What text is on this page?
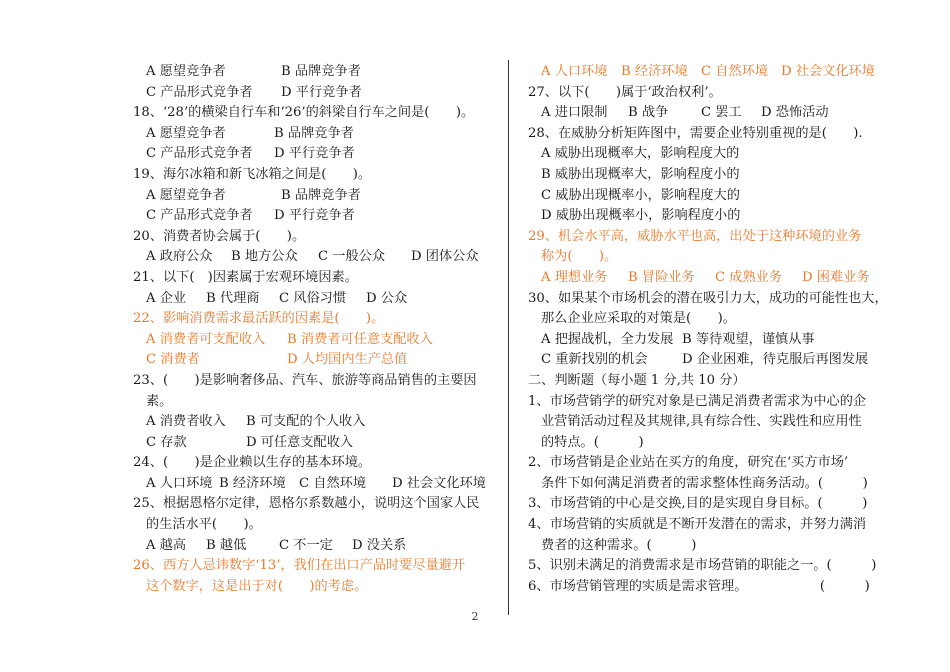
A 愿望竞争者	B 品牌竞争者
C 产品形式竞争者 D 平行竞争者
18、‘28’的横梁自行车和‘26’的斜梁自行车之间是(　　)。
A 愿望竞争者	B 品牌竞争者
C 产品形式竞争者 D 平行竞争者
19、海尔冰箱和新飞冰箱之间是(　　)。
A 愿望竞争者	B 品牌竞争者
C 产品形式竞争者 D 平行竞争者
20、消费者协会属于(　　)。
A 政府公众 B 地方公众 C 一般公众 D 团体公众
21、以下(　)因素属于宏观环境因素。
A 企业 B 代理商 C 风俗习惯 D 公众
22、影响消费需求最活跃的因素是(　　)。
A 消费者可支配收入 B 消费者可任意支配收入
C 消费者	D 人均国内生产总值
23、(　　)是影响奢侈品、汽车、旅游等商品销售的主要因
素。
A 消费者收入 B 可支配的个人收入
C 存款	D 可任意支配收入
24、(　　)是企业赖以生存的基本环境。
A 人口环境 B 经济环境 C 自然环境 D 社会文化环境
25、根据恩格尔定律，恩格尔系数越小，说明这个国家人民
的生活水平(　　)。
A 越高 B 越低 C 不一定 D 没关系
26、西方人忌讳数字‘13’，我们在出口产品时要尽量避开
这个数字，这是出于对(　　)的考虑。
A 人口环境 B 经济环境 C 自然环境 D 社会文化环境
27、以下(　　)属于‘政治权利’。
A 进口限制 B 战争 C 罢工 D 恐怖活动
28、在威胁分析矩阵图中，需要企业特别重视的是(　　).
A 威胁出现概率大，影响程度大的
B 威胁出现概率大，影响程度小的
C 威胁出现概率小，影响程度大的
D 威胁出现概率小，影响程度小的
29、机会水平高，威胁水平也高，出处于这种环境的业务
称为(　　)。
A 理想业务 B 冒险业务 C 成熟业务 D 困难业务
30、如果某个市场机会的潜在吸引力大，成功的可能性也大，
那么企业应采取的对策是(　　)。
A 把握战机，全力发展 B 等待观望，谨慎从事
C 重新找别的机会	D 企业困难，待克服后再图发展
二、判断题（每小题 1 分,共 10 分）
1、市场营销学的研究对象是已满足消费者需求为中心的企
业营销活动过程及其规律,具有综合性、实践性和应用性
的特点。(　　　)
2、市场营销是企业站在买方的角度，研究在‘买方市场’
条件下如何满足消费者的需求整体性商务活动。(　　　)
3、市场营销的中心是交换,目的是实现自身目标。(　　　)
4、市场营销的实质就是不断开发潜在的需求，并努力满消
费者的这种需求。(　　　)
5、识别未满足的消费需求是市场营销的职能之一。(　　　)
6、市场营销管理的实质是需求管理。　　　　　　(　　　)
2
